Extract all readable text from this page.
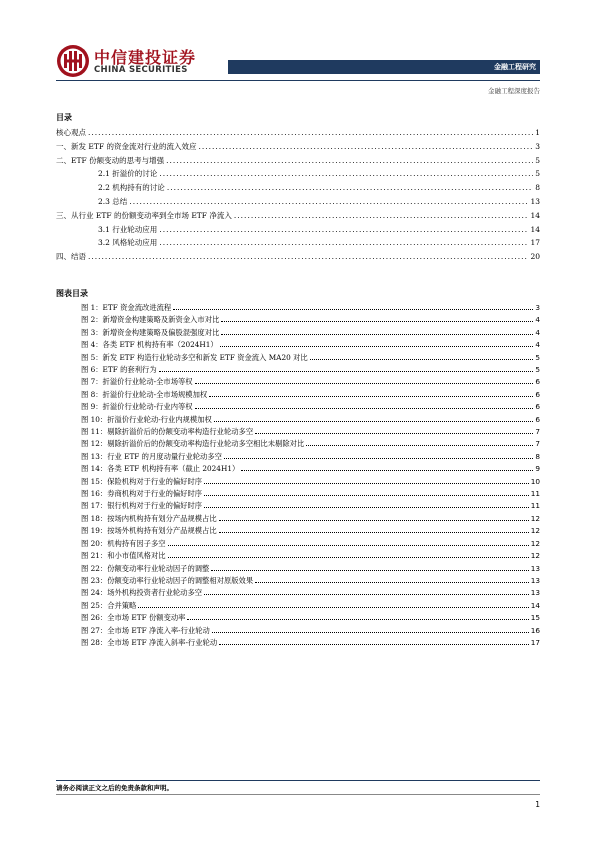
中信建投证券
CHINA SECURITIES	金融工程研究
金融工程深度报告
目录
核心观点 .....	1
一、新发 ETF 的资金流对行业的流入效应 .....	3
二、ETF 份额变动的思考与增强 .....	5
2.1 折溢价的讨论 .....	5
2.2 机构持有的讨论 .....	8
2.3 总结 .....	13
三、从行业 ETF 的份额变动率到全市场 ETF 净流入 .....	14
3.1 行业轮动应用 .....	14
3.2 风格轮动应用 .....	17
四、结语 .....	20
图表目录
图 1：ETF 资金流改进流程	3
图 2：新增资金构建策略及新资金入市对比	4
图 3：新增资金构建策略及偏股混强度对比	4
图 4：各类 ETF 机构持有率（2024H1）	4
图 5：新发 ETF 构造行业轮动多空和新发 ETF 资金流入 MA20 对比	5
图 6：ETF 的套利行为	5
图 7：折溢价行业轮动-全市场等权	6
图 8：折溢价行业轮动-全市场规模加权	6
图 9：折溢价行业轮动-行业内等权	6
图 10：折溢价行业轮动-行业内规模加权	6
图 11：剔除折溢价后的份额变动率构造行业轮动多空	7
图 12：剔除折溢价后的份额变动率构造行业轮动多空相比未剔除对比	7
图 13：行业 ETF 的月度动量行业轮动多空	8
图 14：各类 ETF 机构持有率（截止 2024H1）	9
图 15：保险机构对于行业的偏好时序	10
图 16：券商机构对于行业的偏好时序	11
图 17：银行机构对于行业的偏好时序	11
图 18：按场内机构持有划分产品规模占比	12
图 19：按场外机构持有划分产品规模占比	12
图 20：机构持有因子多空	12
图 21：和小市值风格对比	12
图 22：份额变动率行业轮动因子的调整	13
图 23：份额变动率行业轮动因子的调整相对原版效果	13
图 24：场外机构投资者行业轮动多空	13
图 25：合并策略	14
图 26：全市场 ETF 份额变动率	15
图 27：全市场 ETF 净流入率-行业轮动	16
图 28：全市场 ETF 净流入斜率-行业轮动	17
请务必阅读正文之后的免责条款和声明。
1
